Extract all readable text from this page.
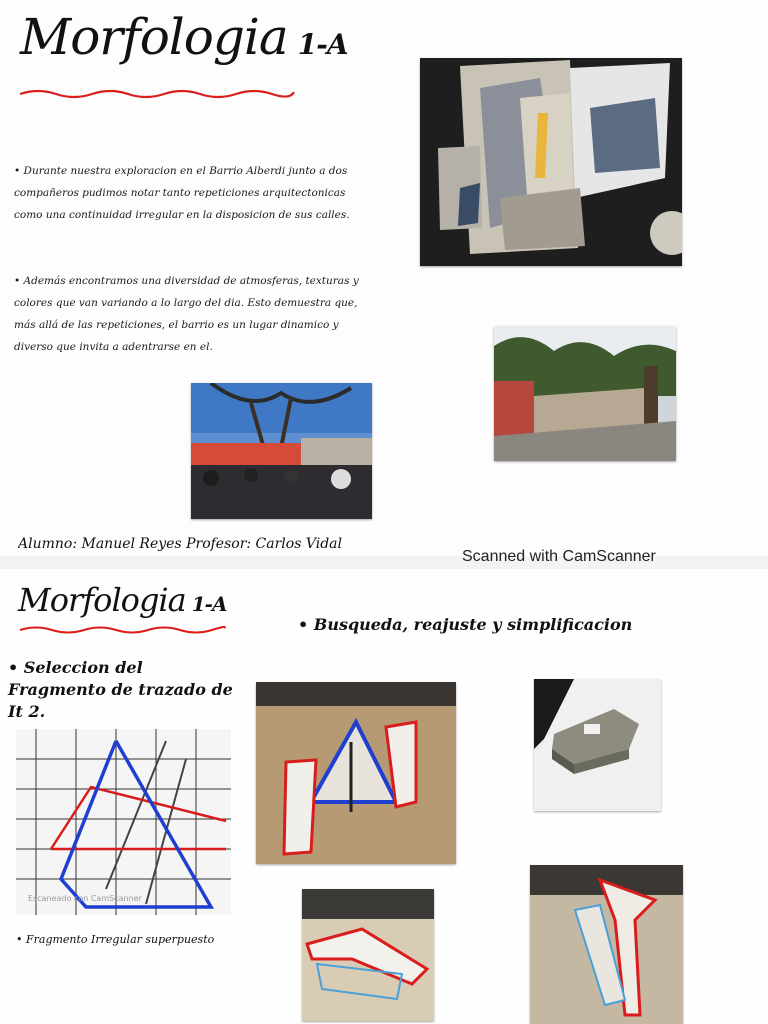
Morfologia 1-A
• Durante nuestra exploracion en el Barrio Alberdi junto a dos compañeros pudimos notar tanto repeticiones arquitectonicas como una continuidad irregular en la disposicion de sus calles.
• Además encontramos una diversidad de atmosferas, texturas y colores que van variando a lo largo del dia. Esto demuestra que, más allá de las repeticiones, el barrio es un lugar dinamico y diverso que invita a adentrarse en el.
Alumno: Manuel Reyes Profesor: Carlos Vidal
Scanned with CamScanner
Morfologia 1-A
• Seleccion del Fragmento de trazado de It 2.
• Busqueda, reajuste y simplificacion
Escaneado con CamScanner
• Fragmento Irregular superpuesto
